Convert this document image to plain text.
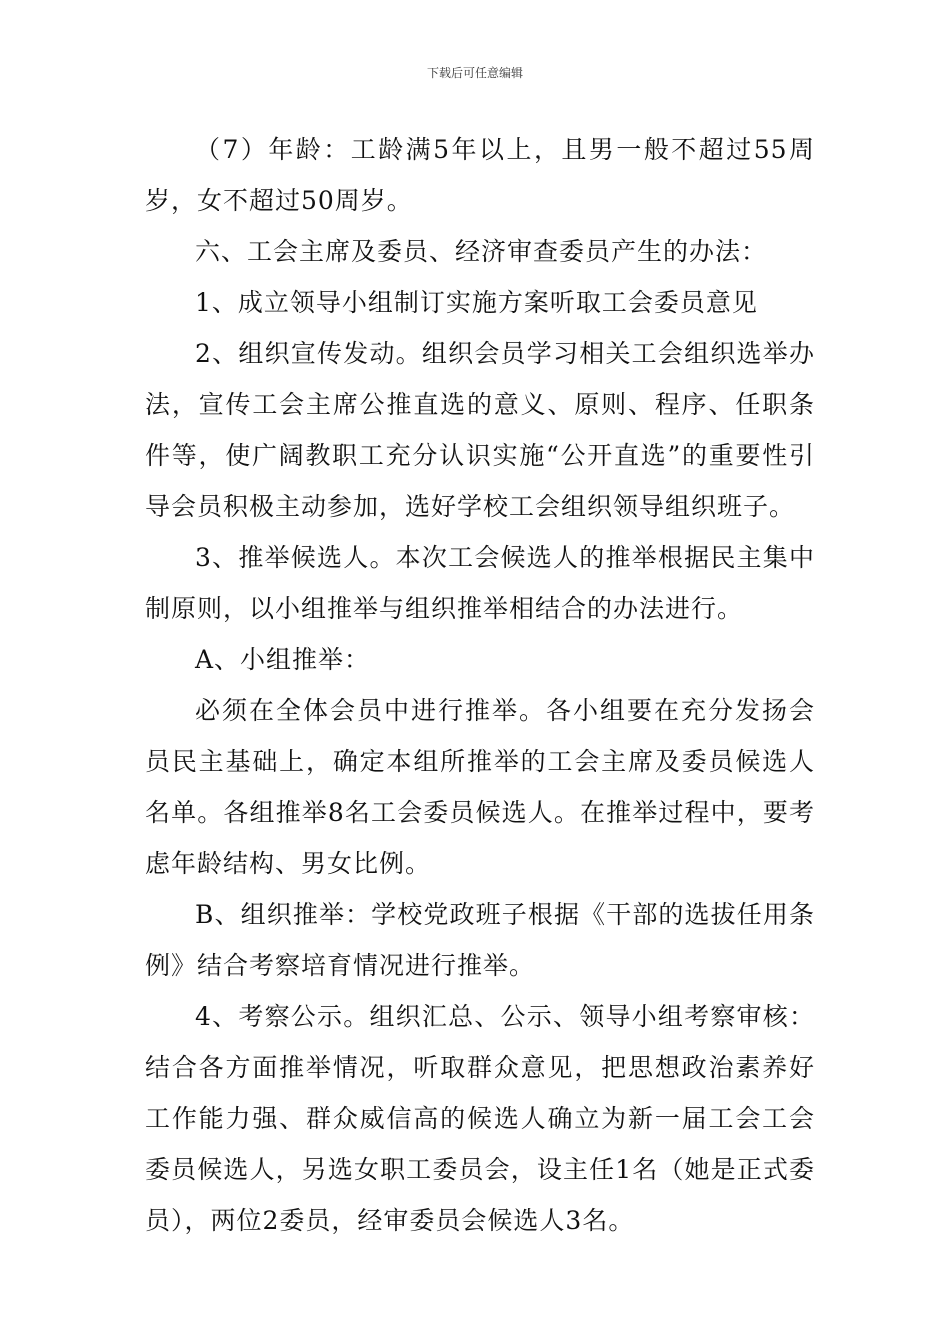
下载后可任意编辑

（7）年龄：工龄满5年以上，且男一般不超过55周岁，女不超过50周岁。

六、工会主席及委员、经济审查委员产生的办法：

1、成立领导小组制订实施方案听取工会委员意见

2、组织宣传发动。组织会员学习相关工会组织选举办法，宣传工会主席公推直选的意义、原则、程序、任职条件等，使广阔教职工充分认识实施“公开直选”的重要性引导会员积极主动参加，选好学校工会组织领导组织班子。

3、推举候选人。本次工会候选人的推举根据民主集中制原则，以小组推举与组织推举相结合的办法进行。

A、小组推举：

必须在全体会员中进行推举。各小组要在充分发扬会员民主基础上，确定本组所推举的工会主席及委员候选人名单。各组推举8名工会委员候选人。在推举过程中，要考虑年龄结构、男女比例。

B、组织推举：学校党政班子根据《干部的选拔任用条例》结合考察培育情况进行推举。

4、考察公示。组织汇总、公示、领导小组考察审核：结合各方面推举情况，听取群众意见，把思想政治素养好工作能力强、群众威信高的候选人确立为新一届工会工会委员候选人，另选女职工委员会，设主任1名（她是正式委员），两位2委员，经审委员会候选人3名。
